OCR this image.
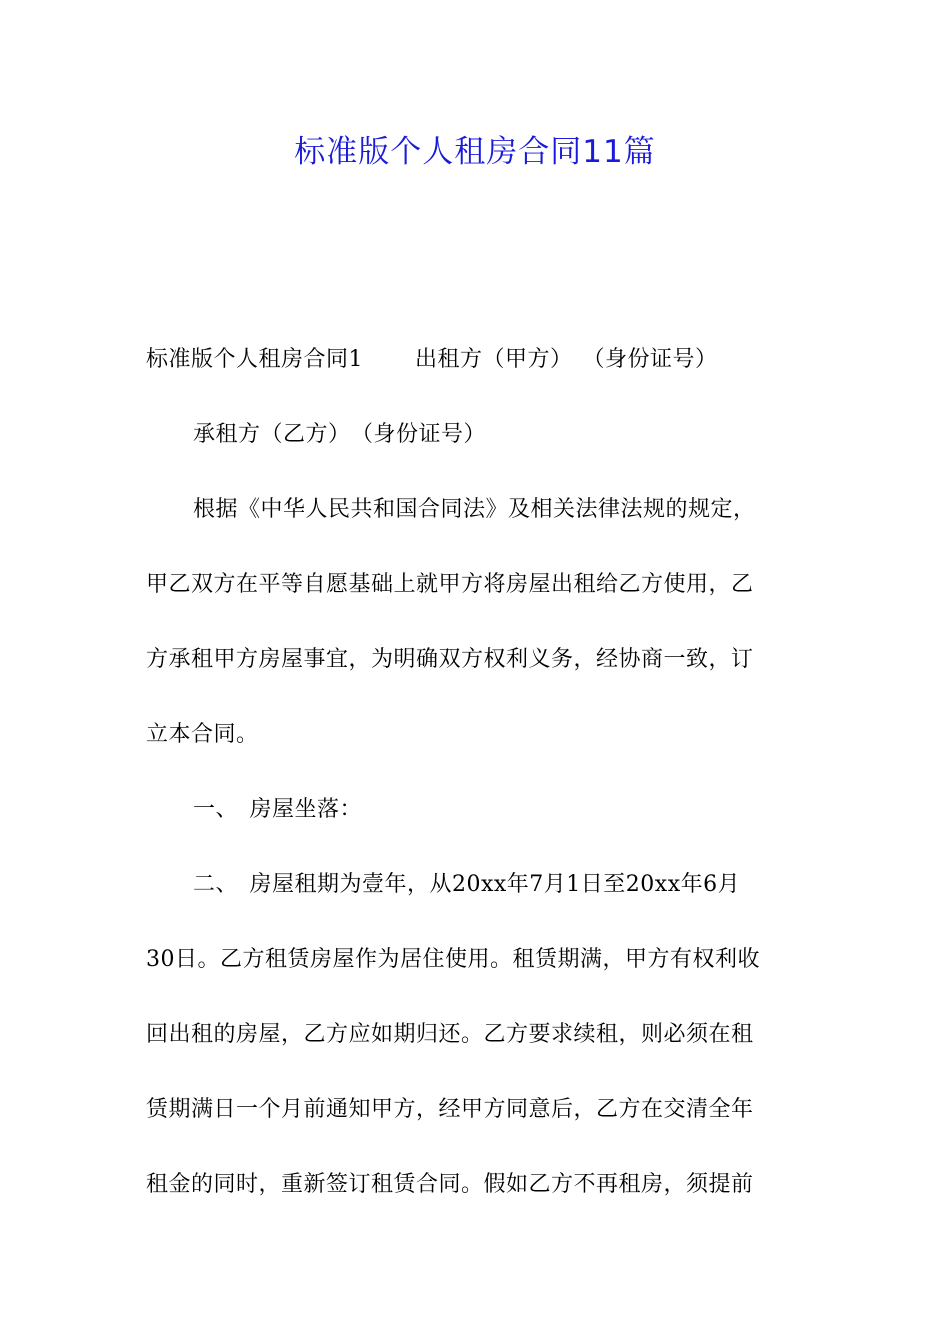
标准版个人租房合同11篇
标准版个人租房合同1 出租方（甲方） （身份证号）
承租方（乙方）　（身份证号）
根据《中华人民共和国合同法》及相关法律法规的规定，
甲乙双方在平等自愿基础上就甲方将房屋出租给乙方使用，乙
方承租甲方房屋事宜，为明确双方权利义务，经协商一致，订
立本合同。
一、　房屋坐落：
二、　房屋租期为壹年，从20xx年7月1日至20xx年6月
30日。乙方租赁房屋作为居住使用。租赁期满，甲方有权利收
回出租的房屋，乙方应如期归还。乙方要求续租，则必须在租
赁期满日一个月前通知甲方，经甲方同意后，乙方在交清全年
租金的同时，重新签订租赁合同。假如乙方不再租房，须提前
